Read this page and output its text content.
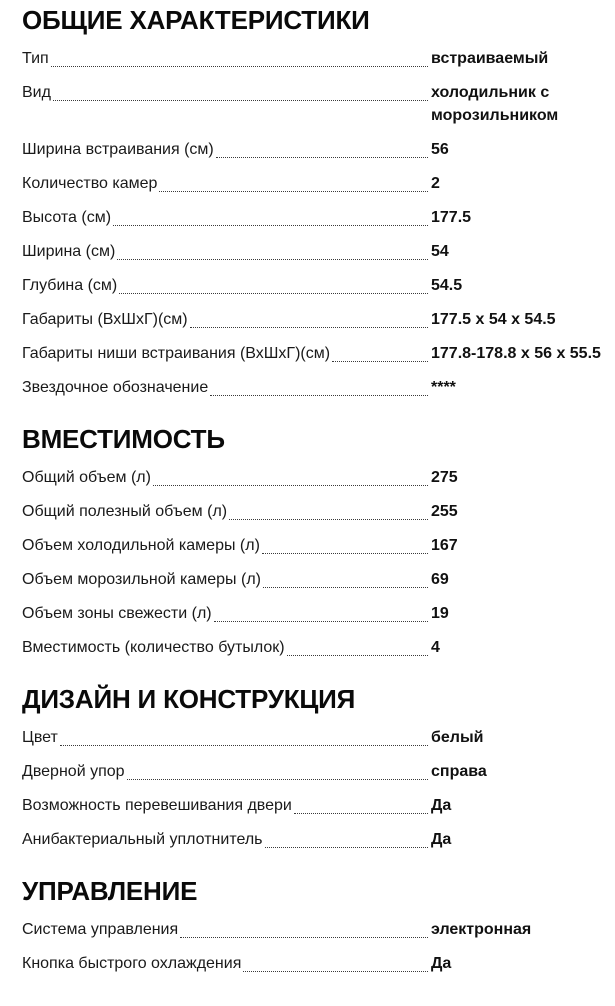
ОБЩИЕ ХАРАКТЕРИСТИКИ
Тип	встраиваемый
Вид	холодильник с морозильником
Ширина встраивания (см)	56
Количество камер	2
Высота (см)	177.5
Ширина (см)	54
Глубина (см)	54.5
Габариты (ВхШхГ)(см)	177.5 x 54 x 54.5
Габариты ниши встраивания (ВхШхГ)(см)	177.8-178.8 x 56 x 55.5
Звездочное обозначение	****
ВМЕСТИМОСТЬ
Общий объем (л)	275
Общий полезный объем (л)	255
Объем холодильной камеры (л)	167
Объем морозильной камеры (л)	69
Объем зоны свежести (л)	19
Вместимость (количество бутылок)	4
ДИЗАЙН И КОНСТРУКЦИЯ
Цвет	белый
Дверной упор	справа
Возможность перевешивания двери	Да
Анибактериальный уплотнитель	Да
УПРАВЛЕНИЕ
Система управления	электронная
Кнопка быстрого охлаждения	Да
